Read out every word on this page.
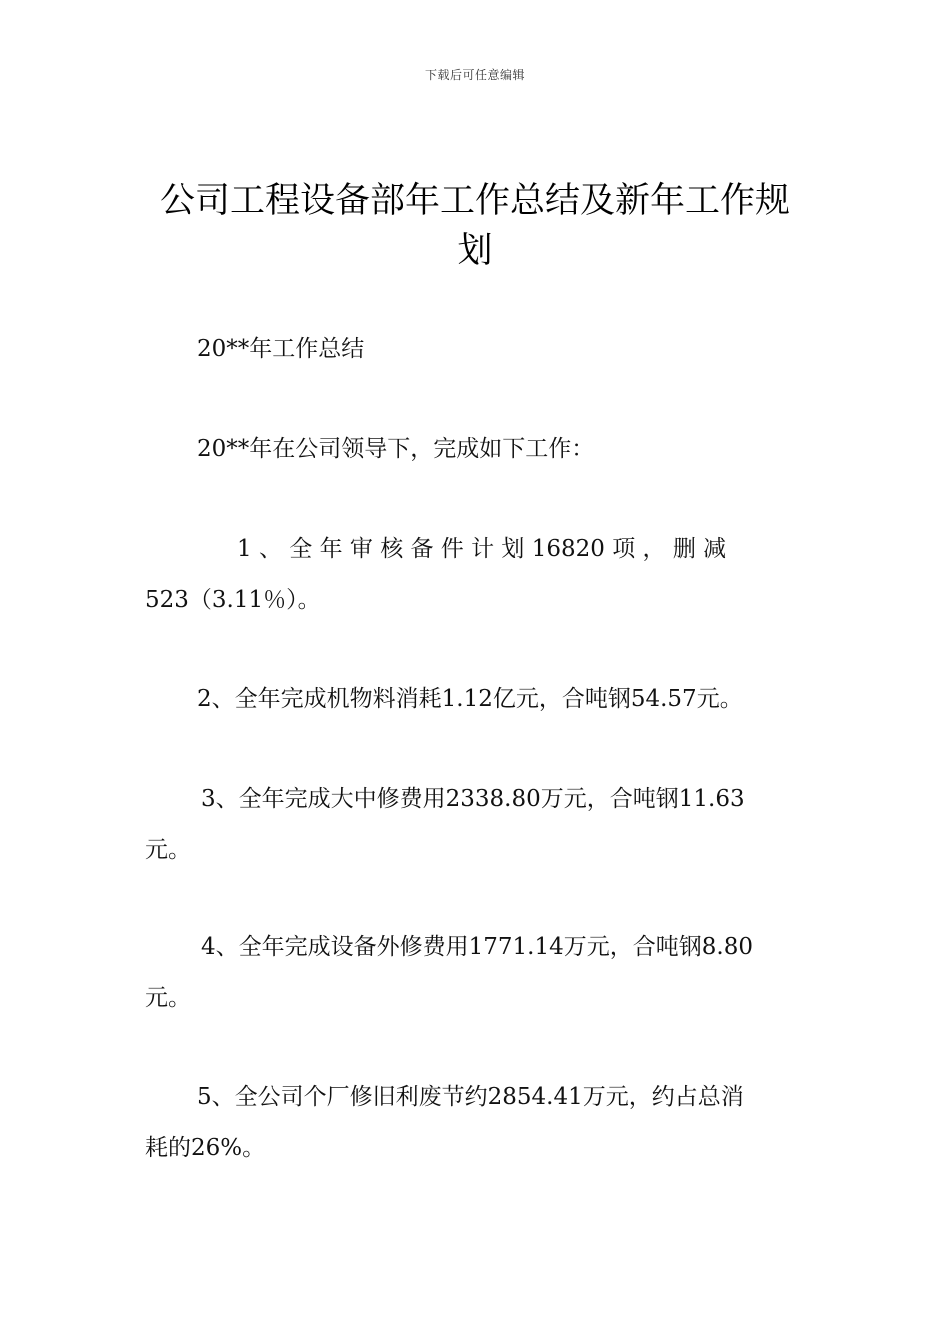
下载后可任意编辑
公司工程设备部年工作总结及新年工作规
划

20**年工作总结

20**年在公司领导下，完成如下工作：

1 、 全 年 审 核 备 件 计 划 16820 项 ， 删 减
523（3.11％）。

2、全年完成机物料消耗1.12亿元，合吨钢54.57元。

3、全年完成大中修费用2338.80万元，合吨钢11.63
元。

4、全年完成设备外修费用1771.14万元，合吨钢8.80
元。

5、全公司个厂修旧利废节约2854.41万元，约占总消
耗的26%。
